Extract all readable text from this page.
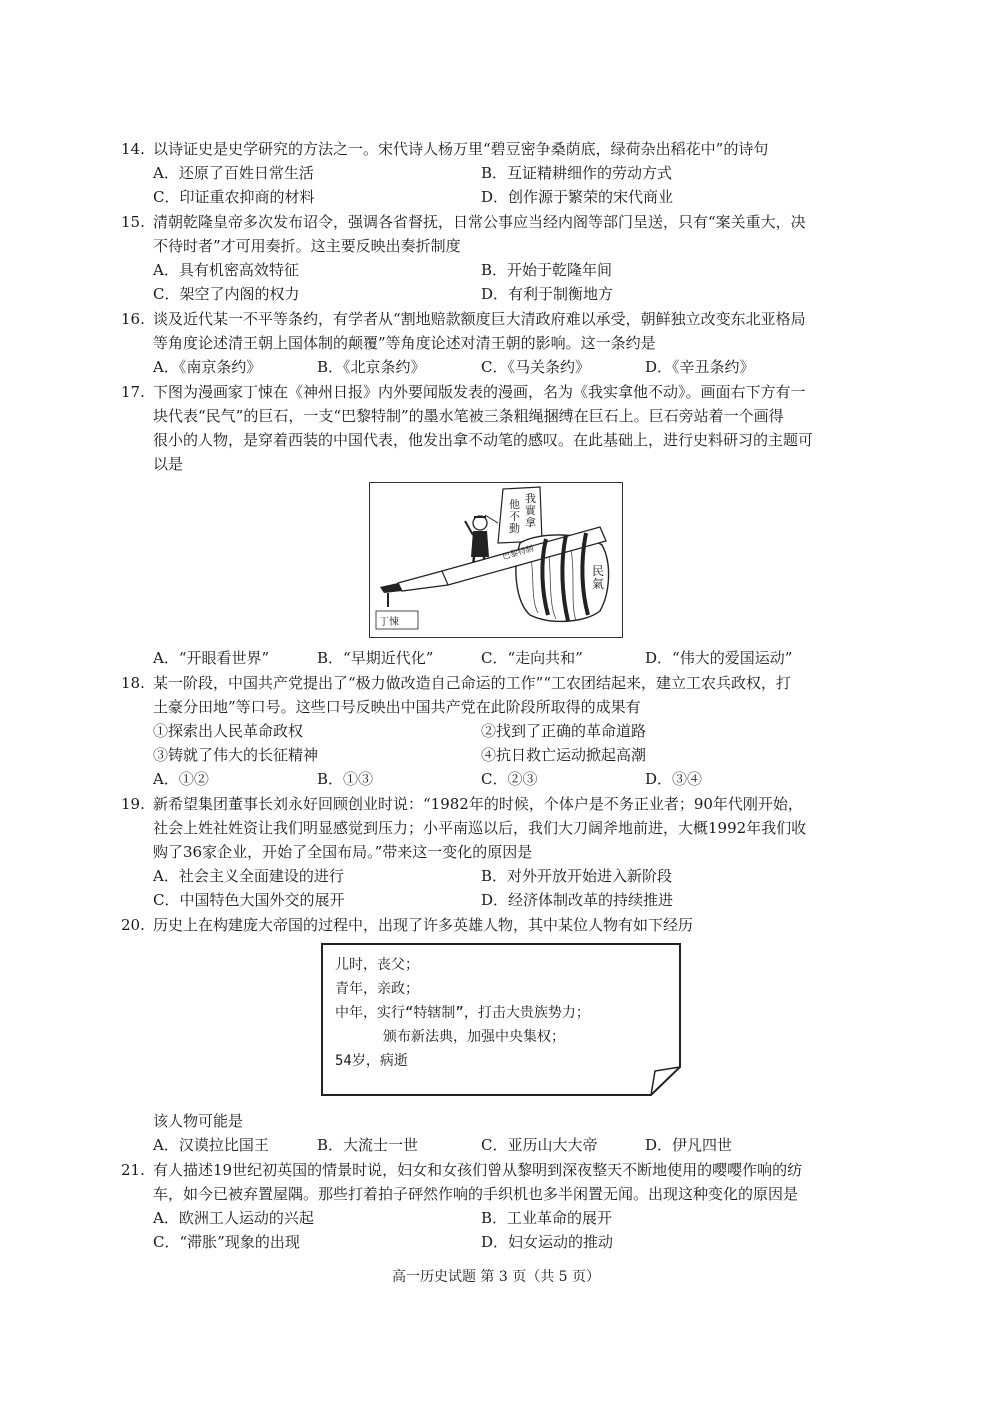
14. 以诗证史是史学研究的方法之一。宋代诗人杨万里“碧豆密争桑荫底，绿荷杂出稻花中”的诗句
A．还原了百姓日常生活	B．互证精耕细作的劳动方式
C．印证重农抑商的材料	D．创作源于繁荣的宋代商业
15. 清朝乾隆皇帝多次发布诏令，强调各省督抚，日常公事应当经内阁等部门呈送，只有“案关重大，决
不待时者”才可用奏折。这主要反映出奏折制度
A．具有机密高效特征	B．开始于乾隆年间
C．架空了内阁的权力	D．有利于制衡地方
16. 谈及近代某一不平等条约，有学者从“割地赔款额度巨大清政府难以承受，朝鲜独立改变东北亚格局
等角度论述清王朝上国体制的颠覆”等角度论述对清王朝的影响。这一条约是
A．《南京条约》	B．《北京条约》	C．《马关条约》	D．《辛丑条约》
17. 下图为漫画家丁悚在《神州日报》内外要闻版发表的漫画，名为《我实拿他不动》。画面右下方有一
块代表“民气”的巨石，一支“巴黎特制”的墨水笔被三条粗绳捆缚在巨石上。巨石旁站着一个画得
很小的人物，是穿着西装的中国代表，他发出拿不动笔的感叹。在此基础上，进行史料研习的主题可
以是
我
實
拿
他
不
動
巴黎特制
民氣
丁悚
A．“开眼看世界”	B．“早期近代化”	C．“走向共和”	D．“伟大的爱国运动”
18. 某一阶段，中国共产党提出了“极力做改造自己命运的工作”“工农团结起来，建立工农兵政权，打
土豪分田地”等口号。这些口号反映出中国共产党在此阶段所取得的成果有
①探索出人民革命政权	②找到了正确的革命道路
③铸就了伟大的长征精神	④抗日救亡运动掀起高潮
A．①②	B．①③	C．②③	D．③④
19. 新希望集团董事长刘永好回顾创业时说：“1982年的时候，个体户是不务正业者；90年代刚开始，
社会上姓社姓资让我们明显感觉到压力；小平南巡以后，我们大刀阔斧地前进，大概1992年我们收
购了36家企业，开始了全国布局。”带来这一变化的原因是
A．社会主义全面建设的进行	B．对外开放开始进入新阶段
C．中国特色大国外交的展开	D．经济体制改革的持续推进
20. 历史上在构建庞大帝国的过程中，出现了许多英雄人物，其中某位人物有如下经历
儿时，丧父；
青年，亲政；
中年，实行“特辖制”，打击大贵族势力；
颁布新法典，加强中央集权；
54岁，病逝
该人物可能是
A．汉谟拉比国王	B．大流士一世	C．亚历山大大帝	D．伊凡四世
21. 有人描述19世纪初英国的情景时说，妇女和女孩们曾从黎明到深夜整天不断地使用的嘤嘤作响的纺
车，如今已被弃置屋隅。那些打着拍子砰然作响的手织机也多半闲置无闻。出现这种变化的原因是
A．欧洲工人运动的兴起	B．工业革命的展开
C．“滞胀”现象的出现	D．妇女运动的推动
高一历史试题 第 3 页（共 5 页）
